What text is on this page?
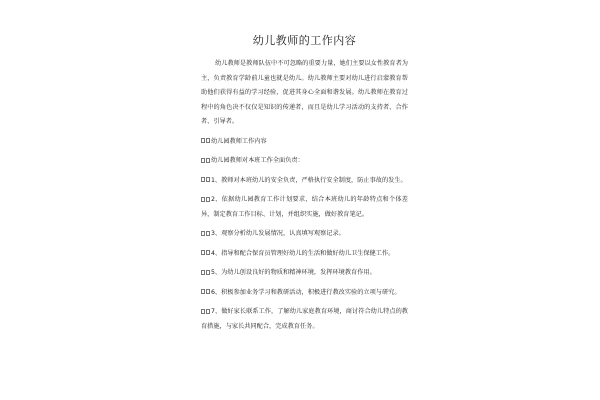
幼儿教师的工作内容

幼儿教师是教师队伍中不可忽略的重要力量，她们主要以女性教育者为主，负责教育学龄前儿童也就是幼儿。幼儿教师主要对幼儿进行启蒙教育帮助他们获得有益的学习经验，促进其身心全面和谐发展。幼儿教师在教育过程中的角色决不仅仅是知识的传递者，而且是幼儿学习活动的支持者、合作者、引导者。

幼儿园教师工作内容

幼儿园教师对本班工作全面负责：

1、教师对本班幼儿的安全负责，严格执行安全制度，防止事故的发生。

2、依据幼儿园教育工作计划要求，结合本班幼儿的年龄特点和个体差异，制定教育工作目标、计划，并组织实施，做好教育笔记。

3、观察分析幼儿发展情况，认真填写观察记录。

4、指导和配合保育员管理好幼儿的生活和做好幼儿卫生保健工作。

5、为幼儿创设良好的物质和精神环境，发挥环境教育作用。

6、积极参加业务学习和教研活动，积极进行教改实验的立项与研究。

7、做好家长联系工作，了解幼儿家庭教育环境，商讨符合幼儿特点的教育措施，与家长共同配合，完成教育任务。
